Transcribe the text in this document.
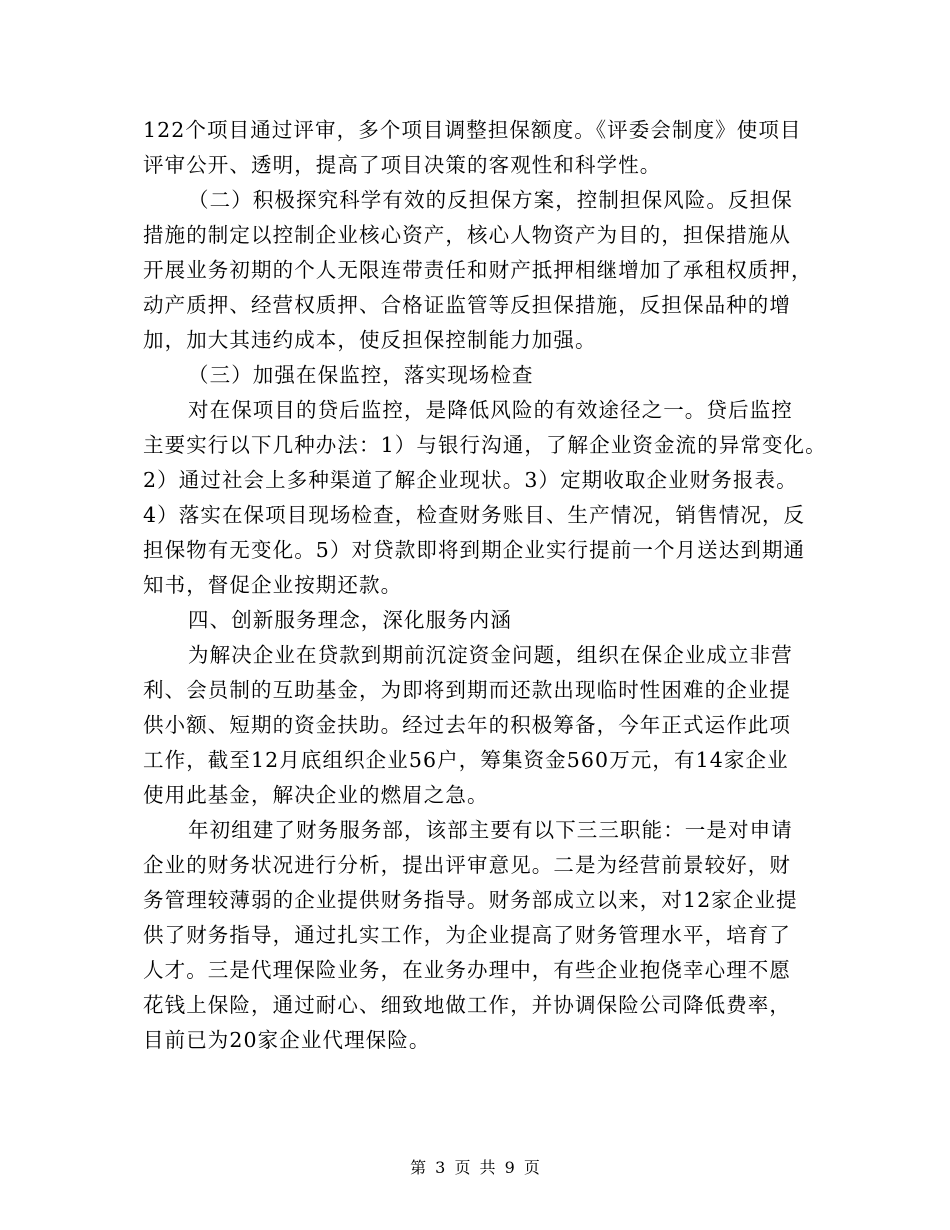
122个项目通过评审，多个项目调整担保额度。《评委会制度》使项目
评审公开、透明，提高了项目决策的客观性和科学性。
（二）积极探究科学有效的反担保方案，控制担保风险。反担保
措施的制定以控制企业核心资产，核心人物资产为目的，担保措施从
开展业务初期的个人无限连带责任和财产抵押相继增加了承租权质押，
动产质押、经营权质押、合格证监管等反担保措施，反担保品种的增
加，加大其违约成本，使反担保控制能力加强。
（三）加强在保监控，落实现场检查
对在保项目的贷后监控，是降低风险的有效途径之一。贷后监控
主要实行以下几种办法：1）与银行沟通，了解企业资金流的异常变化。
2）通过社会上多种渠道了解企业现状。3）定期收取企业财务报表。
4）落实在保项目现场检查，检查财务账目、生产情况，销售情况，反
担保物有无变化。5）对贷款即将到期企业实行提前一个月送达到期通
知书，督促企业按期还款。
四、创新服务理念，深化服务内涵
为解决企业在贷款到期前沉淀资金问题，组织在保企业成立非营
利、会员制的互助基金，为即将到期而还款出现临时性困难的企业提
供小额、短期的资金扶助。经过去年的积极筹备，今年正式运作此项
工作，截至12月底组织企业56户，筹集资金560万元，有14家企业
使用此基金，解决企业的燃眉之急。
年初组建了财务服务部，该部主要有以下三三职能：一是对申请
企业的财务状况进行分析，提出评审意见。二是为经营前景较好，财
务管理较薄弱的企业提供财务指导。财务部成立以来，对12家企业提
供了财务指导，通过扎实工作，为企业提高了财务管理水平，培育了
人才。三是代理保险业务，在业务办理中，有些企业抱侥幸心理不愿
花钱上保险，通过耐心、细致地做工作，并协调保险公司降低费率，
目前已为20家企业代理保险。
第 3 页 共 9 页
